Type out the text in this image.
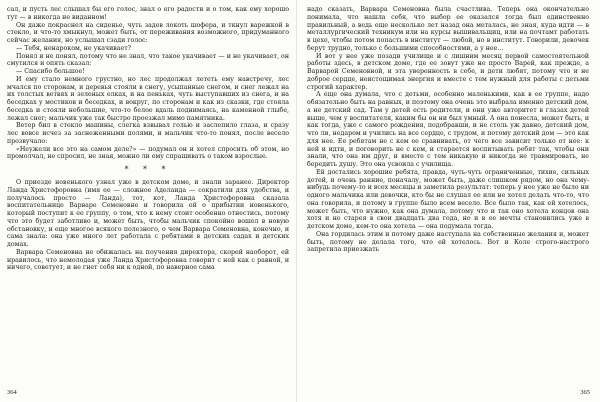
сал, и пусть лес слышал бы его голос, знал о его радости и о том, как ему хорошо тут — в никогда не виданном!

Он даже покраснел на сиденье, чуть задев локоть шофера, и ткнул варежкой в стекло, и что-то хмыкнул, может быть, от переживания возможного, придуманного сейчас желания, но услышал сзади голос:

— Тебя, ненароком, не укачивает?

Понял и не понял, потому что не знал, что такое укачивает — и не укачивает, он смутился и опять сказал:

— Спасибо большое!

И ему стало немного грустно, но лес продолжал лететь ему навстречу, лес мчался по сторонам, и деревья стояли в снегу, усыпанные снегом, и снег лежал на их толстых ветвях и зеленых елках, и на пеньках, чуть выступавших из снега, и на беседках у мостиков и беседках, и вокруг, по сторонам и как из сказки, где стояла беседка и стояли небольшие, что-то белое вдаль поднимаясь, на каменной глыбе, лежал снег; мальчик уже так быстро проезжал мимо памятника.

Ветер бил в стекло машины, слегка взвывал голью и заслепило глаза, и сразу лес вовсе исчез за заснеженными полями, и мальчик что-то понял, после весело прозвучало:

«Неужели все это на самом деле?» — подумал он и хотел спросить об этом, но промолчал, не спросил, не зная, можно ли ему спрашивать о таком взрослые.

* * *

О приезде новенького узнал уже в детском доме, и знали заранее. Директор Ланда Христофоровна (имя ее — сложное Аделаида — сократили для удобства, и получалось просто — Ланда), тот, кот, Ланда Христофоровна сказала воспитательнице Варваре Семеновне и говорила ей о прибытии новенького, который поступит к ее группу, о том, что к нему стоит особенно отнестись, потому что это будет заботливо и, может быть, чтобы мальчик спокойно вошел в новую обстановку, и еще многое всякого полезного, о чем Варвара Семеновна, конечно, и сама знала: она уже много лет работала с ребятами в детских садах и детских домах.

Варвара Семеновна не обижалась на поучения директора, скорей наоборот, ей нравилось, что немолодая уже Ланда Христофоровна говорит с ней как с равной, и ничего, советует, и не гнет себя ни к одной, по наверное сама

надо сказать, Варвара Семеновна была счастлива. Теперь она окончательно понимала, что нашла себя, что выбор ее оказался тогда был единственно правильный, а ведь еще несколько лет назад она металась, не зная, куда идти — в металлургический техникум или на курсы вышивальщиц, или на почтамт работать в цехе, чтобы потом попасть в институт — любой, но в институт. Говорили, девочек берут трудно, только с большими способностями, а у нее...

И вот у нее уже позади училище и с лишним месяц первой самостоятельной работы здесь, в детском доме, где ее зовут уже не просто Варей, как прежде, а Варварой Семеновной, и эта уверенность в себе, и дети любят, потому что и не доброе сердце, неистощимая энергия и вместе с тем нужный для работы с детьми строгий характер.

А еще она думала, что с детьми, особенно маленькими, как в ее группе, надо обязательно быть на равных, и поэтому она очень это выбрала именно детский дом, а не детский сад. Там у детей есть родители, и они уже авторитет в глазах детей выше, чем у воспитателя, каким бы он ни был умный. А она понесла, может быть, и как тогда, уже с самого рождения, подобравши, и не столь уж давно, детский дом, что ли, недаром и учились на все сердце, с трудом, и потому детский дом — это как для нее. Ее ребятам не с кем ее сравнивать, от чего все зависит только от нее: к ней и идти, и поговорить не с кем, и старается воспитывать ребят так, чтобы они знали, что она им друг, и вместе с тем никакую и никогда не травмировать, не бередить душу. Это она усвоила с училища.

Ей достались хорошие ребята, правда, чуть-чуть ограниченные, тихие, сильных детей, и очень ранние, поначалу, может быть, даже слишком рядом, но она чему-нибудь почему-то и всех месяцы и заметила результат: теперь у нее уже не было ни одного мальчика или девочки, кто бы не слушал ее или не хотел делать что-то, что она говорила, и потому в группе было всем весело. Все было так, как ей хотелось, может быть, что нужно, как она думала, потому что и так оно хотела концов она хотя и не старея в свои двадцать два года, но и в ее мечты становились уже в детском доме, кем-то она хотела — она подумала тогда.

Она гордилась этим и потому даже наступала на собственные желания и, может быть, потому не делала того, что ей хотелось. Вот и Коле строго-настрого запретила приезжать

364	365
